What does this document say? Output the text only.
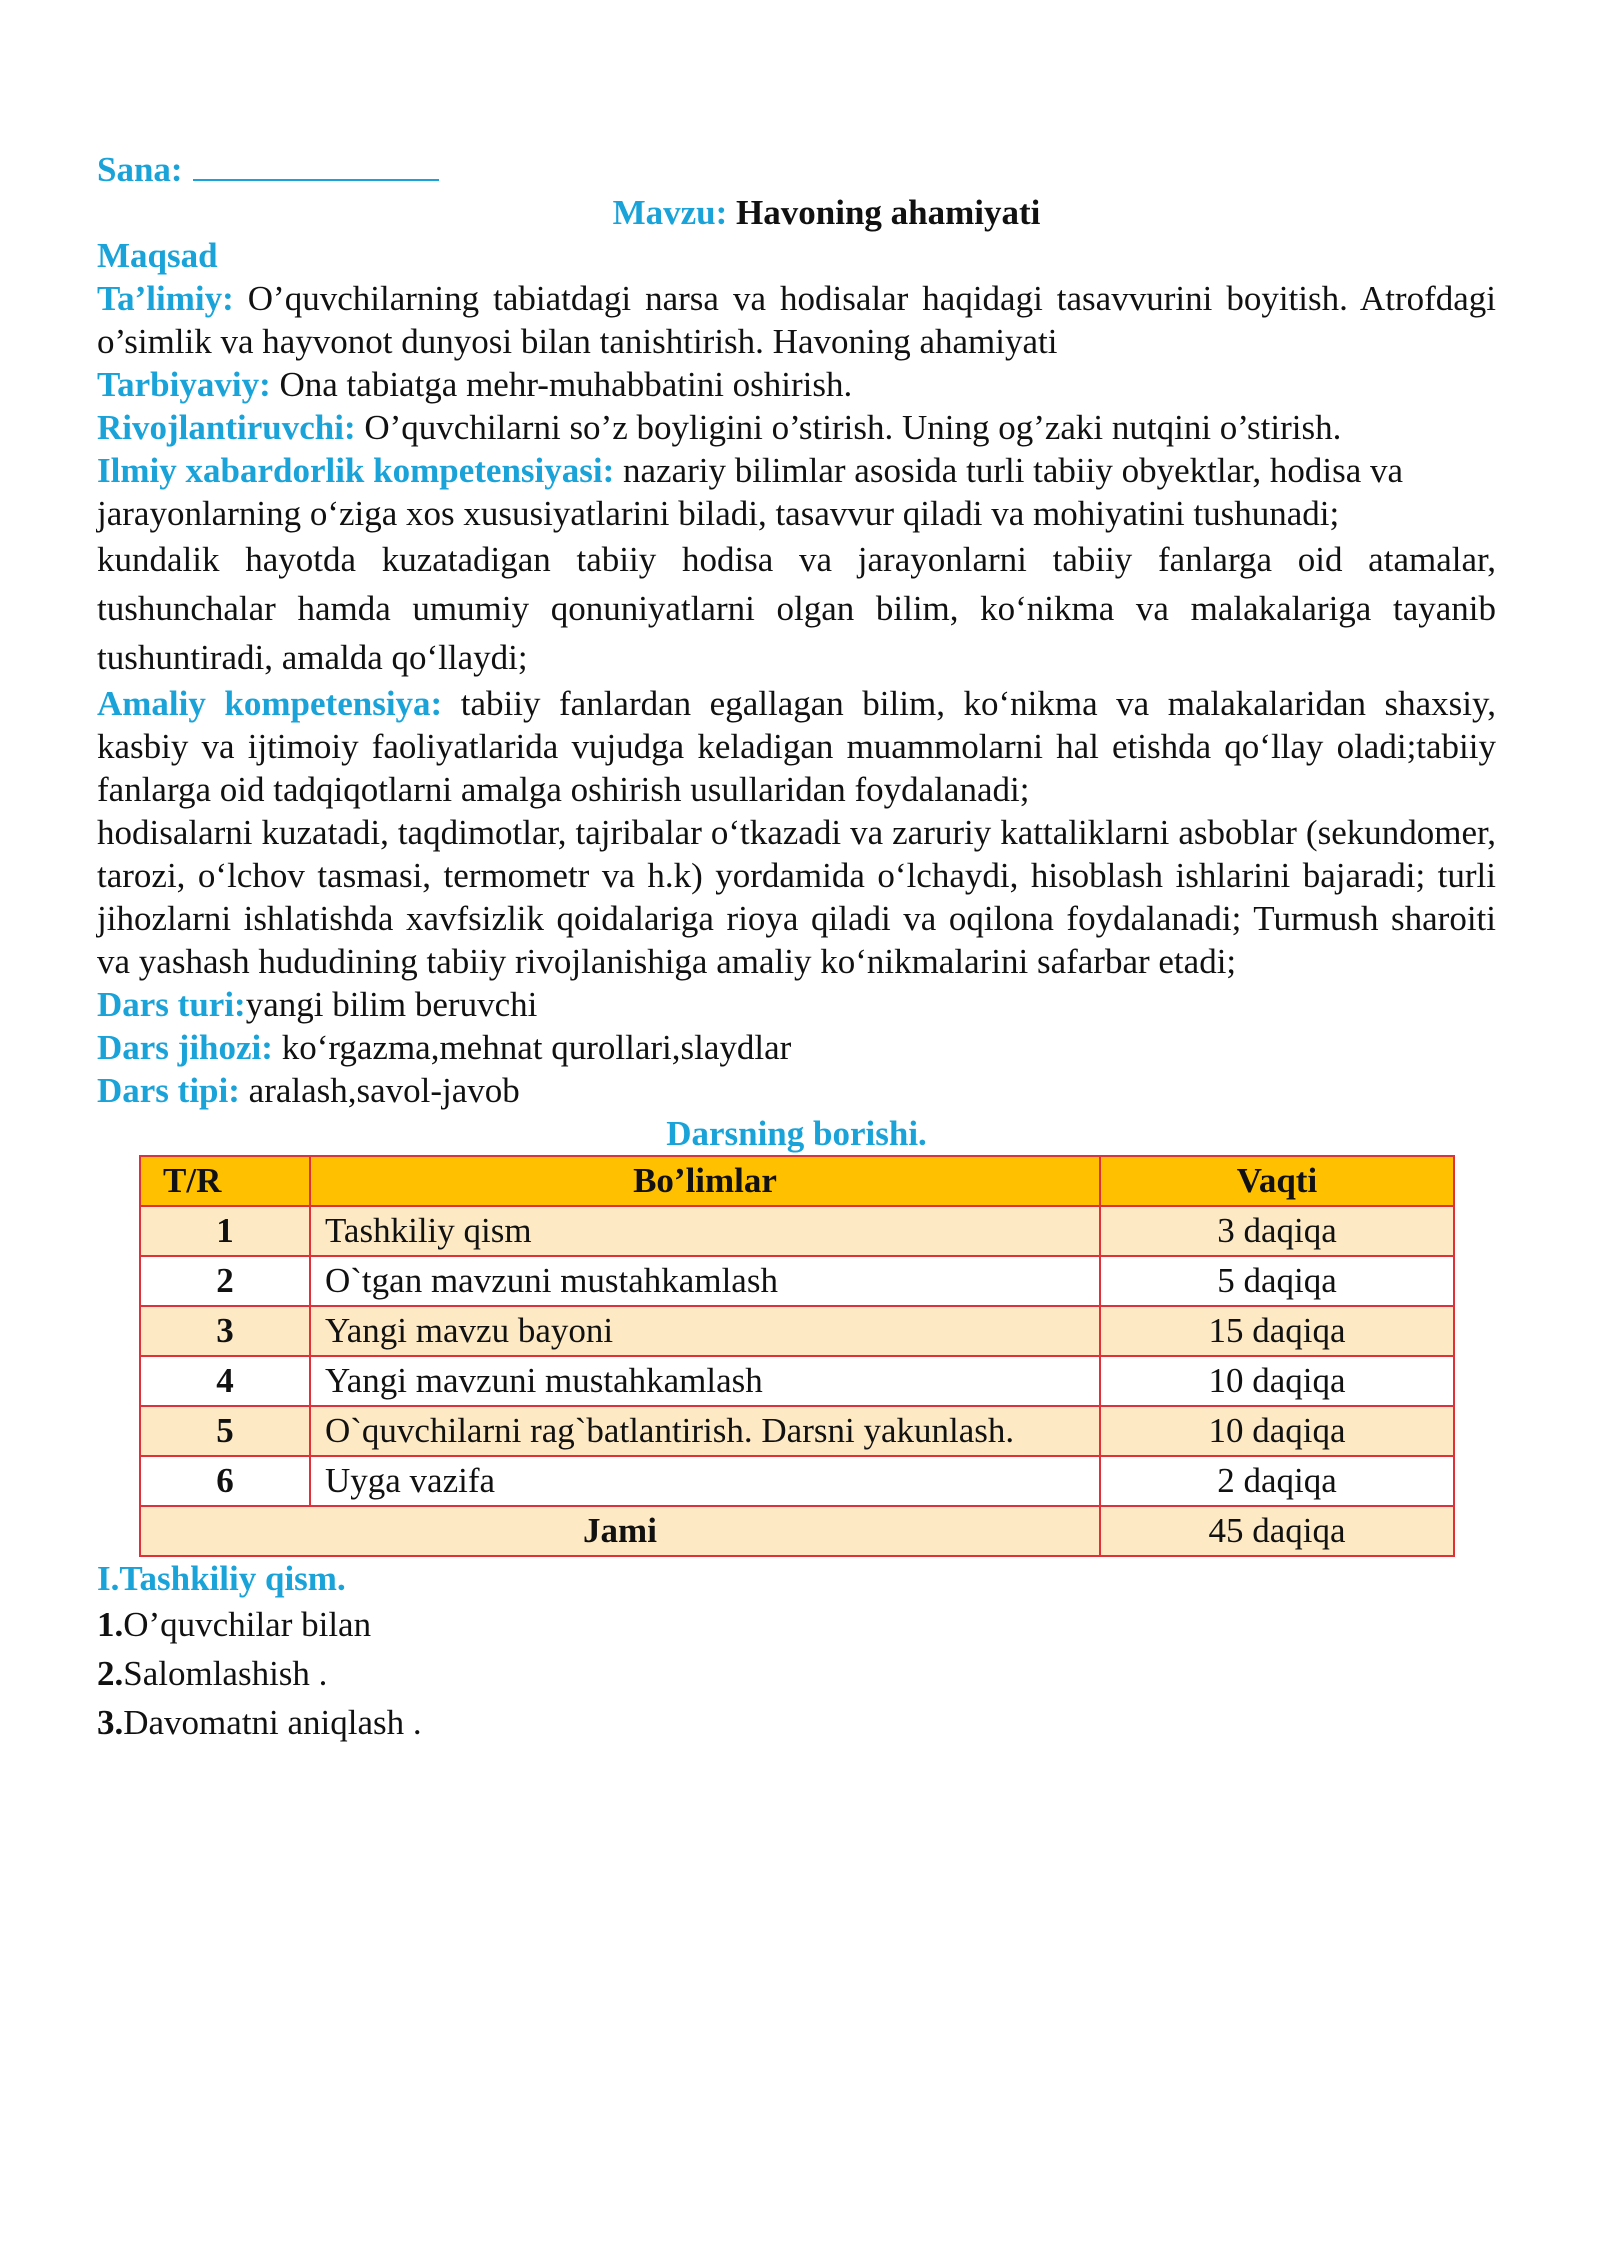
Sana:

Mavzu: Havoning ahamiyati

Maqsad

Ta’limiy: O’quvchilarning tabiatdagi narsa va hodisalar haqidagi tasavvurini boyitish. Atrofdagi o’simlik va hayvonot dunyosi bilan tanishtirish. Havoning ahamiyati

Tarbiyaviy: Ona tabiatga mehr-muhabbatini oshirish.

Rivojlantiruvchi: O’quvchilarni so’z boyligini o’stirish. Uning og’zaki nutqini o’stirish.

Ilmiy xabardorlik kompetensiyasi: nazariy bilimlar asosida turli tabiiy obyektlar, hodisa va jarayonlarning o‘ziga xos xususiyatlarini biladi, tasavvur qiladi va mohiyatini tushunadi;

kundalik hayotda kuzatadigan tabiiy hodisa va jarayonlarni tabiiy fanlarga oid atamalar, tushunchalar hamda umumiy qonuniyatlarni olgan bilim, ko‘nikma va malakalariga tayanib tushuntiradi, amalda qo‘llaydi;

Amaliy kompetensiya: tabiiy fanlardan egallagan bilim, ko‘nikma va malakalaridan shaxsiy, kasbiy va ijtimoiy faoliyatlarida vujudga keladigan muammolarni hal etishda qo‘llay oladi;tabiiy fanlarga oid tadqiqotlarni amalga oshirish usullaridan foydalanadi;

hodisalarni kuzatadi, taqdimotlar, tajribalar o‘tkazadi va zaruriy kattaliklarni asboblar (sekundomer, tarozi, o‘lchov tasmasi, termometr va h.k) yordamida o‘lchaydi, hisoblash ishlarini bajaradi; turli jihozlarni ishlatishda xavfsizlik qoidalariga rioya qiladi va oqilona foydalanadi; Turmush sharoiti va yashash hududining tabiiy rivojlanishiga amaliy ko‘nikmalarini safarbar etadi;

Dars turi:yangi bilim beruvchi

Dars jihozi: ko‘rgazma,mehnat qurollari,slaydlar

Dars tipi: aralash,savol-javob

Darsning borishi.

T/R	Bo’limlar	Vaqti
1	Tashkiliy qism	3 daqiqa
2	O`tgan mavzuni mustahkamlash	5 daqiqa
3	Yangi mavzu bayoni	15 daqiqa
4	Yangi mavzuni mustahkamlash	10 daqiqa
5	O`quvchilarni rag`batlantirish. Darsni yakunlash.	10 daqiqa
6	Uyga vazifa	2 daqiqa
Jami		45 daqiqa

I.Tashkiliy qism.

1.O’quvchilar bilan

2.Salomlashish .

3.Davomatni aniqlash .
